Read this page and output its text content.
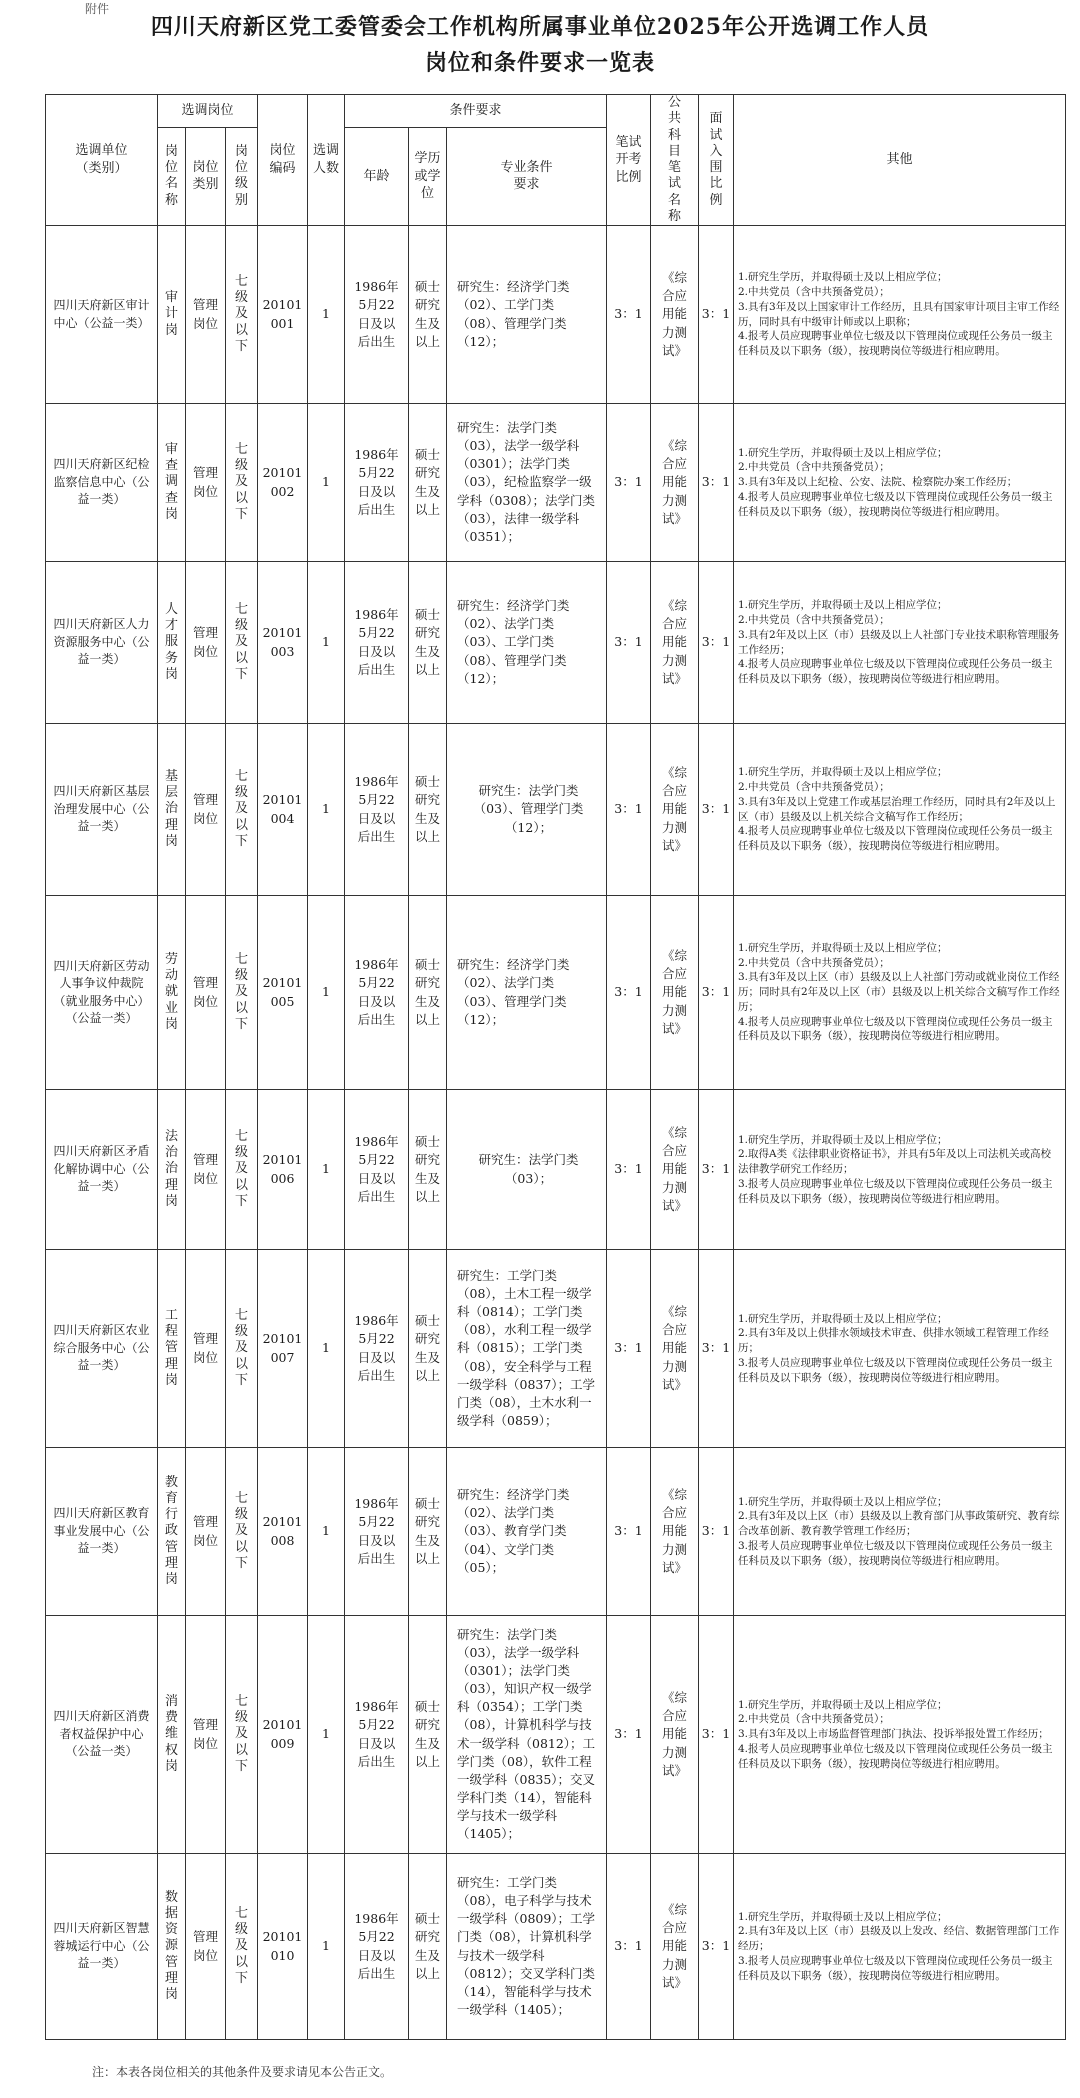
附件
四川天府新区党工委管委会工作机构所属事业单位2025年公开选调工作人员
岗位和条件要求一览表
选调单位（类别）	选调岗位			岗位编码	选调人数	条件要求			笔试开考比例	公共科目笔试名称	面试入围比例	其他

	岗位名称	岗位类别	岗位级别			年龄	学历或学位	专业条件要求				

四川天府新区审计中心（公益一类）	审计岗	管理岗位	七级及以下	20101001	1	1986年5月22日及以后出生	硕士研究生及以上	研究生：经济学门类（02）、工学门类（08）、管理学门类（12）；	3：1	《综合应用能力测试》	3：1	1.研究生学历，并取得硕士及以上相应学位；
2.中共党员（含中共预备党员）；
3.具有3年及以上国家审计工作经历，且具有国家审计项目主审工作经历，同时具有中级审计师或以上职称；
4.报考人员应现聘事业单位七级及以下管理岗位或现任公务员一级主任科员及以下职务（级），按现聘岗位等级进行相应聘用。

四川天府新区纪检监察信息中心（公益一类）	审查调查岗	管理岗位	七级及以下	20101002	1	1986年5月22日及以后出生	硕士研究生及以上	研究生：法学门类（03），法学一级学科（0301）；法学门类（03），纪检监察学一级学科（0308）；法学门类（03），法律一级学科（0351）；	3：1	《综合应用能力测试》	3：1	1.研究生学历，并取得硕士及以上相应学位；
2.中共党员（含中共预备党员）；
3.具有3年及以上纪检、公安、法院、检察院办案工作经历；
4.报考人员应现聘事业单位七级及以下管理岗位或现任公务员一级主任科员及以下职务（级），按现聘岗位等级进行相应聘用。

四川天府新区人力资源服务中心（公益一类）	人才服务岗	管理岗位	七级及以下	20101003	1	1986年5月22日及以后出生	硕士研究生及以上	研究生：经济学门类（02）、法学门类（03）、工学门类（08）、管理学门类（12）；	3：1	《综合应用能力测试》	3：1	1.研究生学历，并取得硕士及以上相应学位；
2.中共党员（含中共预备党员）；
3.具有2年及以上区（市）县级及以上人社部门专业技术职称管理服务工作经历；
4.报考人员应现聘事业单位七级及以下管理岗位或现任公务员一级主任科员及以下职务（级），按现聘岗位等级进行相应聘用。

四川天府新区基层治理发展中心（公益一类）	基层治理岗	管理岗位	七级及以下	20101004	1	1986年5月22日及以后出生	硕士研究生及以上	研究生：法学门类（03）、管理学门类（12）；	3：1	《综合应用能力测试》	3：1	1.研究生学历，并取得硕士及以上相应学位；
2.中共党员（含中共预备党员）；
3.具有3年及以上党建工作或基层治理工作经历，同时具有2年及以上区（市）县级及以上机关综合文稿写作工作经历；
4.报考人员应现聘事业单位七级及以下管理岗位或现任公务员一级主任科员及以下职务（级），按现聘岗位等级进行相应聘用。

四川天府新区劳动人事争议仲裁院（就业服务中心）（公益一类）	劳动就业岗	管理岗位	七级及以下	20101005	1	1986年5月22日及以后出生	硕士研究生及以上	研究生：经济学门类（02）、法学门类（03）、管理学门类（12）；	3：1	《综合应用能力测试》	3：1	1.研究生学历，并取得硕士及以上相应学位；
2.中共党员（含中共预备党员）；
3.具有3年及以上区（市）县级及以上人社部门劳动或就业岗位工作经历；同时具有2年及以上区（市）县级及以上机关综合文稿写作工作经历；
4.报考人员应现聘事业单位七级及以下管理岗位或现任公务员一级主任科员及以下职务（级），按现聘岗位等级进行相应聘用。

四川天府新区矛盾化解协调中心（公益一类）	法治治理岗	管理岗位	七级及以下	20101006	1	1986年5月22日及以后出生	硕士研究生及以上	研究生：法学门类（03）；	3：1	《综合应用能力测试》	3：1	1.研究生学历，并取得硕士及以上相应学位；
2.取得A类《法律职业资格证书》，并具有5年及以上司法机关或高校法律教学研究工作经历；
3.报考人员应现聘事业单位七级及以下管理岗位或现任公务员一级主任科员及以下职务（级），按现聘岗位等级进行相应聘用。

四川天府新区农业综合服务中心（公益一类）	工程管理岗	管理岗位	七级及以下	20101007	1	1986年5月22日及以后出生	硕士研究生及以上	研究生：工学门类（08），土木工程一级学科（0814）；工学门类（08），水利工程一级学科（0815）；工学门类（08），安全科学与工程一级学科（0837）；工学门类（08），土木水利一级学科（0859）；	3：1	《综合应用能力测试》	3：1	1.研究生学历，并取得硕士及以上相应学位；
2.具有3年及以上供排水领域技术审查、供排水领域工程管理工作经历；
3.报考人员应现聘事业单位七级及以下管理岗位或现任公务员一级主任科员及以下职务（级），按现聘岗位等级进行相应聘用。

四川天府新区教育事业发展中心（公益一类）	教育行政管理岗	管理岗位	七级及以下	20101008	1	1986年5月22日及以后出生	硕士研究生及以上	研究生：经济学门类（02）、法学门类（03）、教育学门类（04）、文学门类（05）；	3：1	《综合应用能力测试》	3：1	1.研究生学历，并取得硕士及以上相应学位；
2.具有3年及以上区（市）县级及以上教育部门从事政策研究、教育综合改革创新、教育教学管理工作经历；
3.报考人员应现聘事业单位七级及以下管理岗位或现任公务员一级主任科员及以下职务（级），按现聘岗位等级进行相应聘用。

四川天府新区消费者权益保护中心（公益一类）	消费维权岗	管理岗位	七级及以下	20101009	1	1986年5月22日及以后出生	硕士研究生及以上	研究生：法学门类（03），法学一级学科（0301）；法学门类（03），知识产权一级学科（0354）；工学门类（08），计算机科学与技术一级学科（0812）；工学门类（08），软件工程一级学科（0835）；交叉学科门类（14），智能科学与技术一级学科（1405）；	3：1	《综合应用能力测试》	3：1	1.研究生学历，并取得硕士及以上相应学位；
2.中共党员（含中共预备党员）；
3.具有3年及以上市场监督管理部门执法、投诉举报处置工作经历；
4.报考人员应现聘事业单位七级及以下管理岗位或现任公务员一级主任科员及以下职务（级），按现聘岗位等级进行相应聘用。

四川天府新区智慧蓉城运行中心（公益一类）	数据资源管理岗	管理岗位	七级及以下	20101010	1	1986年5月22日及以后出生	硕士研究生及以上	研究生：工学门类（08），电子科学与技术一级学科（0809）；工学门类（08），计算机科学与技术一级学科（0812）；交叉学科门类（14），智能科学与技术一级学科（1405）；	3：1	《综合应用能力测试》	3：1	1.研究生学历，并取得硕士及以上相应学位；
2.具有3年及以上区（市）县级及以上发改、经信、数据管理部门工作经历；
3.报考人员应现聘事业单位七级及以下管理岗位或现任公务员一级主任科员及以下职务（级），按现聘岗位等级进行相应聘用。
注：本表各岗位相关的其他条件及要求请见本公告正文。
